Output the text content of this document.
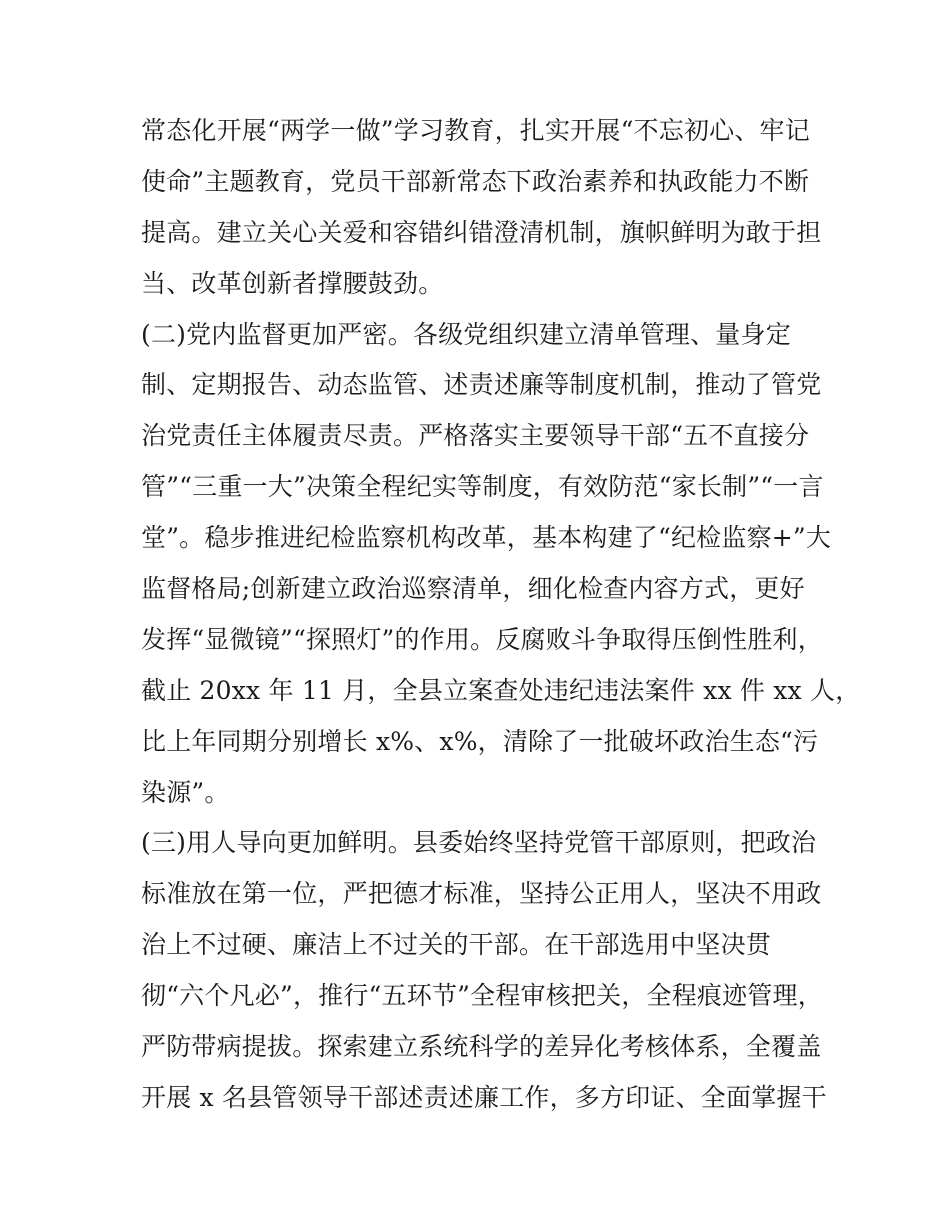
常态化开展“两学一做”学习教育，扎实开展“不忘初心、牢记
使命”主题教育，党员干部新常态下政治素养和执政能力不断
提高。建立关心关爱和容错纠错澄清机制，旗帜鲜明为敢于担
当、改革创新者撑腰鼓劲。
(二)党内监督更加严密。各级党组织建立清单管理、量身定
制、定期报告、动态监管、述责述廉等制度机制，推动了管党
治党责任主体履责尽责。严格落实主要领导干部“五不直接分
管”“三重一大”决策全程纪实等制度，有效防范“家长制”“一言
堂”。稳步推进纪检监察机构改革，基本构建了“纪检监察+”大
监督格局;创新建立政治巡察清单，细化检查内容方式，更好
发挥“显微镜”“探照灯”的作用。反腐败斗争取得压倒性胜利，
截止 20xx 年 11 月，全县立案查处违纪违法案件 xx 件 xx 人，
比上年同期分别增长 x%、x%，清除了一批破坏政治生态“污
染源”。
(三)用人导向更加鲜明。县委始终坚持党管干部原则，把政治
标准放在第一位，严把德才标准，坚持公正用人，坚决不用政
治上不过硬、廉洁上不过关的干部。在干部选用中坚决贯
彻“六个凡必”，推行“五环节”全程审核把关，全程痕迹管理，
严防带病提拔。探索建立系统科学的差异化考核体系，全覆盖
开展 x 名县管领导干部述责述廉工作，多方印证、全面掌握干
